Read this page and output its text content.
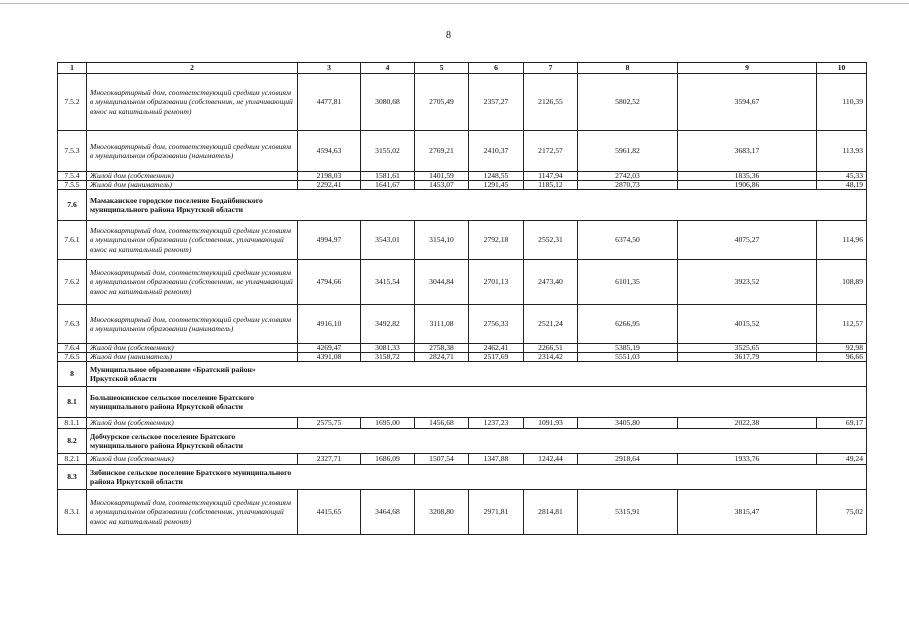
8
1	2	3	4	5	6	7	8	9	10
7.5.2	Многоквартирный дом, соответствующий средним условиям в муниципальном образовании (собственник, не уплачивающий взнос на капитальный ремонт)	4477,81	3080,68	2705,49	2357,27	2126,55	5802,52	3594,67	110,39
7.5.3	Многоквартирный дом, соответствующий средним условиям в муниципальном образовании (наниматель)	4594,63	3155,02	2769,21	2410,37	2172,57	5961,82	3683,17	113,93
7.5.4	Жилой дом (собственник)	2198,03	1581,61	1401,59	1248,55	1147,94	2742,03	1835,36	45,33
7.5.5	Жилой дом (наниматель)	2292,41	1641,67	1453,07	1291,45	1185,12	2870,73	1906,86	48,19
7.6	Мамаканское городское поселение Бодайбинского муниципального района Иркутской области								
7.6.1	Многоквартирный дом, соответствующий средним условиям в муниципальном образовании (собственник, уплачивающий взнос на капитальный ремонт)	4994,97	3543,01	3154,10	2792,18	2552,31	6374,50	4075,27	114,96
7.6.2	Многоквартирный дом, соответствующий средним условиям в муниципальном образовании (собственник, не уплачивающий взнос на капитальный ремонт)	4794,66	3415,54	3044,84	2701,13	2473,40	6101,35	3923,52	108,89
7.6.3	Многоквартирный дом, соответствующий средним условиям в муниципальном образовании (наниматель)	4916,10	3492,82	3111,08	2756,33	2521,24	6266,95	4015,52	112,57
7.6.4	Жилой дом (собственник)	4269,47	3081,33	2758,38	2462,41	2266,51	5385,19	3525,65	92,98
7.6.5	Жилой дом (наниматель)	4391,08	3158,72	2824,71	2517,69	2314,42	5551,03	3617,79	96,66
8	Муниципальное образование «Братский район» Иркутской области								
8.1	Большеокинское сельское поселение Братского муниципального района Иркутской области								
8.1.1	Жилой дом (собственник)	2575,75	1695,00	1456,68	1237,23	1091,93	3405,80	2022,38	69,17
8.2	Добчурское сельское поселение Братского муниципального района Иркутской области								
8.2.1	Жилой дом (собственник)	2327,71	1686,09	1507,54	1347,88	1242,44	2918,64	1933,76	49,24
8.3	Зябинское сельское поселение Братского муниципального района Иркутской области								
8.3.1	Многоквартирный дом, соответствующий средним условиям в муниципальном образовании (собственник, уплачивающий взнос на капитальный ремонт)	4415,65	3464,68	3208,80	2971,81	2814,81	5315,91	3815,47	75,02
